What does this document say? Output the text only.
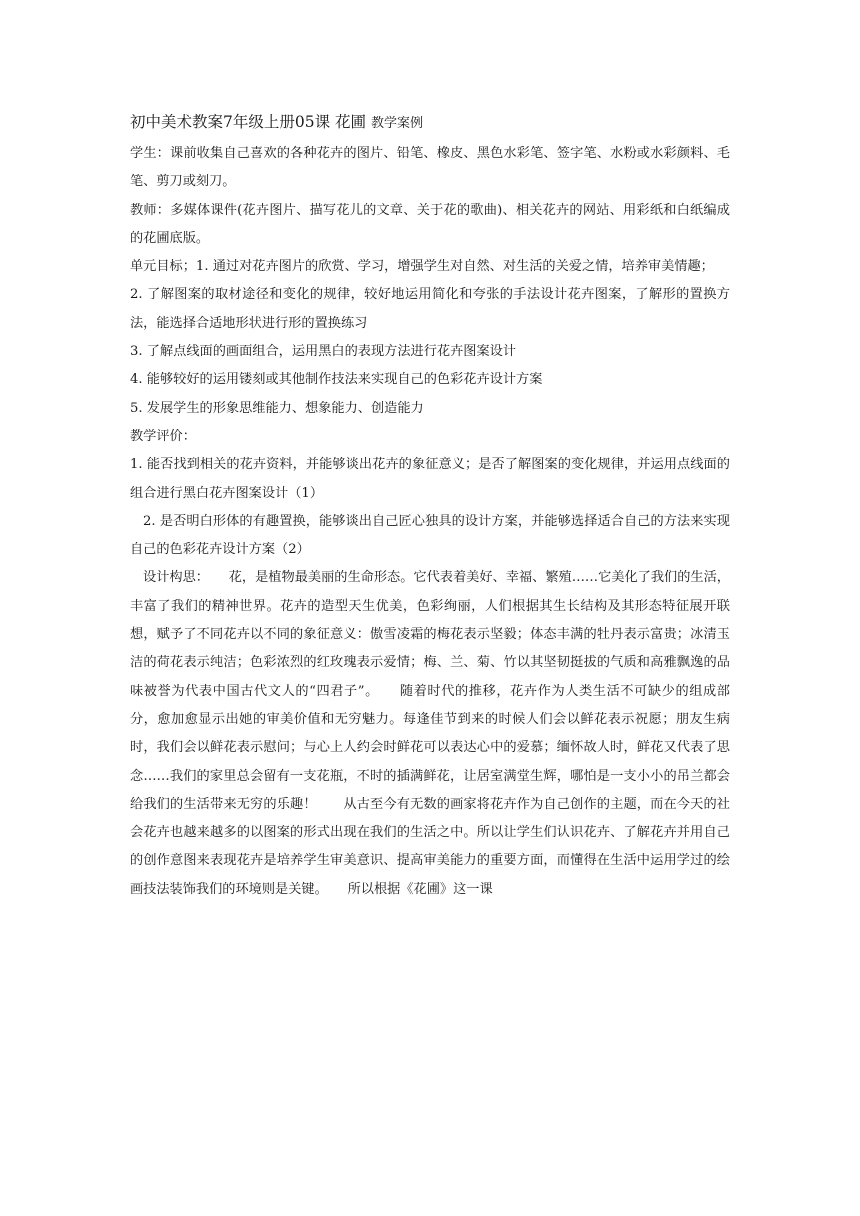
初中美术教案7年级上册05课 花圃 教学案例

学生：课前收集自己喜欢的各种花卉的图片、铅笔、橡皮、黑色水彩笔、签字笔、水粉或水彩颜料、毛笔、剪刀或刻刀。

教师：多媒体课件(花卉图片、描写花儿的文章、关于花的歌曲)、相关花卉的网站、用彩纸和白纸编成的花圃底版。

单元目标；1. 通过对花卉图片的欣赏、学习，增强学生对自然、对生活的关爱之情，培养审美情趣；

2. 了解图案的取材途径和变化的规律，较好地运用简化和夸张的手法设计花卉图案，了解形的置换方法，能选择合适地形状进行形的置换练习

3. 了解点线面的画面组合，运用黑白的表现方法进行花卉图案设计

4. 能够较好的运用镂刻或其他制作技法来实现自己的色彩花卉设计方案

5. 发展学生的形象思维能力、想象能力、创造能力

教学评价：

1. 能否找到相关的花卉资料，并能够谈出花卉的象征意义；是否了解图案的变化规律，并运用点线面的组合进行黑白花卉图案设计（1）

2. 是否明白形体的有趣置换，能够谈出自己匠心独具的设计方案，并能够选择适合自己的方法来实现自己的色彩花卉设计方案（2）

设计构思：　　花，是植物最美丽的生命形态。它代表着美好、幸福、繁殖……它美化了我们的生活，丰富了我们的精神世界。花卉的造型天生优美，色彩绚丽，人们根据其生长结构及其形态特征展开联想，赋予了不同花卉以不同的象征意义：傲雪凌霜的梅花表示坚毅；体态丰满的牡丹表示富贵；冰清玉洁的荷花表示纯洁；色彩浓烈的红玫瑰表示爱情；梅、兰、菊、竹以其坚韧挺拔的气质和高雅飘逸的品味被誉为代表中国古代文人的“四君子”。　　随着时代的推移，花卉作为人类生活不可缺少的组成部分，愈加愈显示出她的审美价值和无穷魅力。每逢佳节到来的时候人们会以鲜花表示祝愿；朋友生病时，我们会以鲜花表示慰问；与心上人约会时鲜花可以表达心中的爱慕；缅怀故人时，鲜花又代表了思念……我们的家里总会留有一支花瓶，不时的插满鲜花，让居室满堂生辉，哪怕是一支小小的吊兰都会给我们的生活带来无穷的乐趣！　　从古至今有无数的画家将花卉作为自己创作的主题，而在今天的社会花卉也越来越多的以图案的形式出现在我们的生活之中。所以让学生们认识花卉、了解花卉并用自己的创作意图来表现花卉是培养学生审美意识、提高审美能力的重要方面，而懂得在生活中运用学过的绘画技法装饰我们的环境则是关键。　　所以根据《花圃》这一课
